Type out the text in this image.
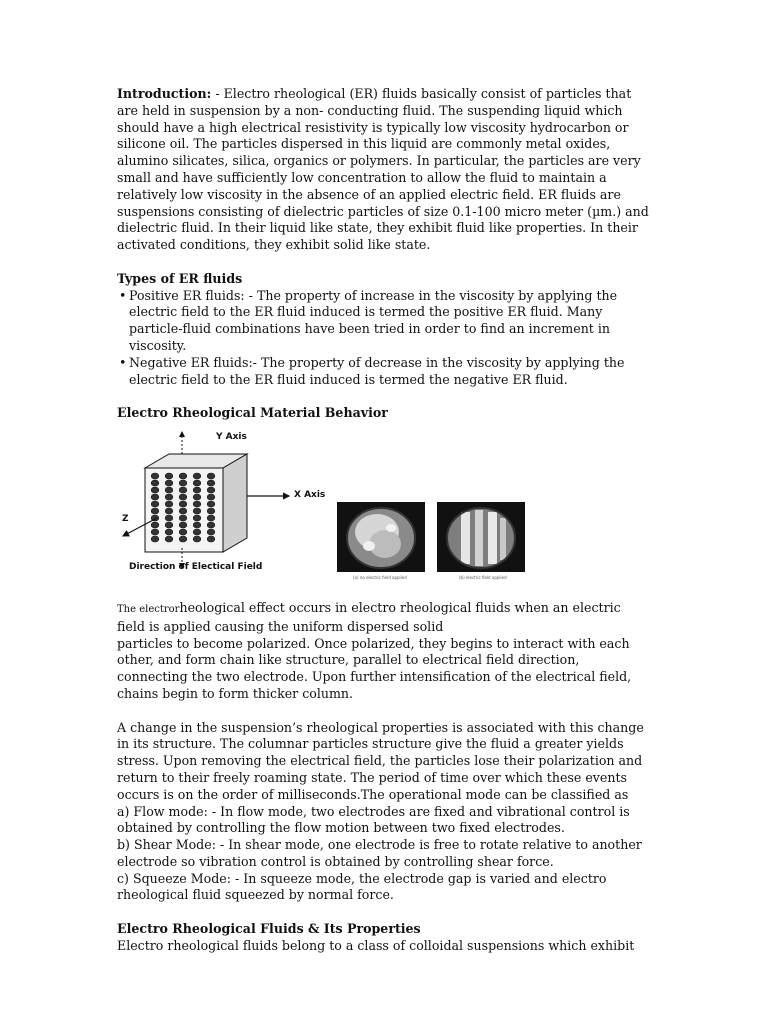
Introduction: - Electro rheological (ER) fluids basically consist of particles that are held in suspension by a non- conducting fluid. The suspending liquid which should have a high electrical resistivity is typically low viscosity hydrocarbon or silicone oil. The particles dispersed in this liquid are commonly metal oxides, alumino silicates, silica, organics or polymers. In particular, the particles are very small and have sufficiently low concentration to allow the fluid to maintain a relatively low viscosity in the absence of an applied electric field. ER fluids are suspensions consisting of dielectric particles of size 0.1-100 micro meter (µm.) and dielectric fluid. In their liquid like state, they exhibit fluid like properties. In their activated conditions, they exhibit solid like state.

Types of ER fluids

• Positive ER fluids: - The property of increase in the viscosity by applying the electric field to the ER fluid induced is termed the positive ER fluid. Many particle-fluid combinations have been tried in order to find an increment in viscosity.

• Negative ER fluids:- The property of decrease in the viscosity by applying the electric field to the ER fluid induced is termed the negative ER fluid.

Electro Rheological Material Behavior

Y Axis
X Axis
Z
Direction of Electical Field
(a) no electric field applied	(b) electric field applied

The electrorheological effect occurs in electro rheological fluids when an electric field is applied causing the uniform dispersed solid

particles to become polarized. Once polarized, they begins to interact with each other, and form chain like structure, parallel to electrical field direction, connecting the two electrode. Upon further intensification of the electrical field, chains begin to form thicker column.

A change in the suspension’s rheological properties is associated with this change in its structure. The columnar particles structure give the fluid a greater yields stress. Upon removing the electrical field, the particles lose their polarization and return to their freely roaming state. The period of time over which these events occurs is on the order of milliseconds.The operational mode can be classified as

a) Flow mode: - In flow mode, two electrodes are fixed and vibrational control is obtained by controlling the flow motion between two fixed electrodes.

b) Shear Mode: - In shear mode, one electrode is free to rotate relative to another electrode so vibration control is obtained by controlling shear force.

c) Squeeze Mode: - In squeeze mode, the electrode gap is varied and electro rheological fluid squeezed by normal force.

Electro Rheological Fluids & Its Properties

Electro rheological fluids belong to a class of colloidal suspensions which exhibit
